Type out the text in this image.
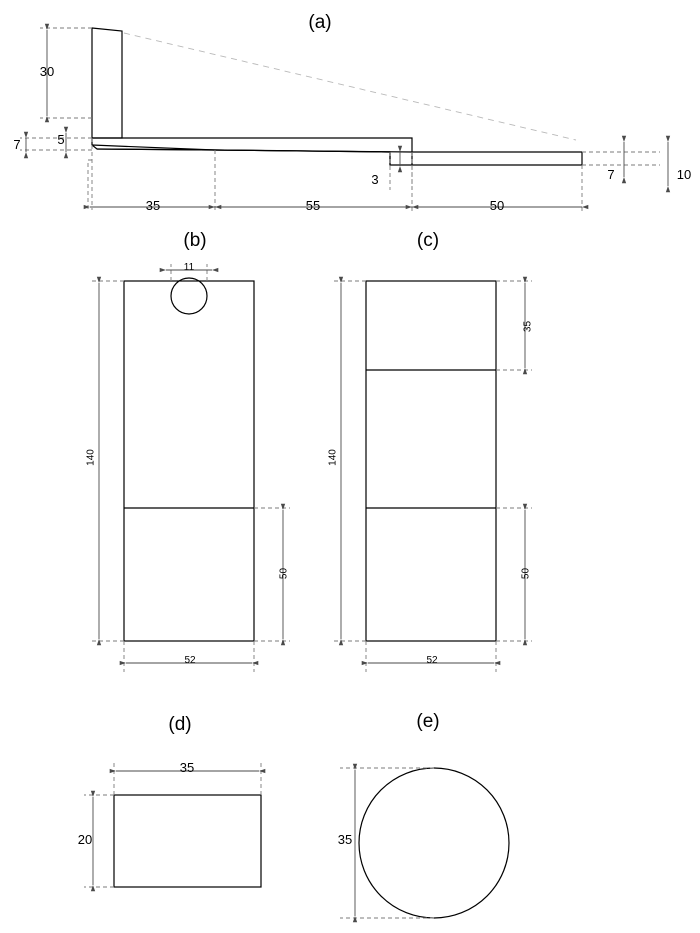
(a)
(b)	(c)
(d)	(e)
30
7	5
3	7	10
35	55	50
11
140
50
52
35
140
50
52
35
20	35
